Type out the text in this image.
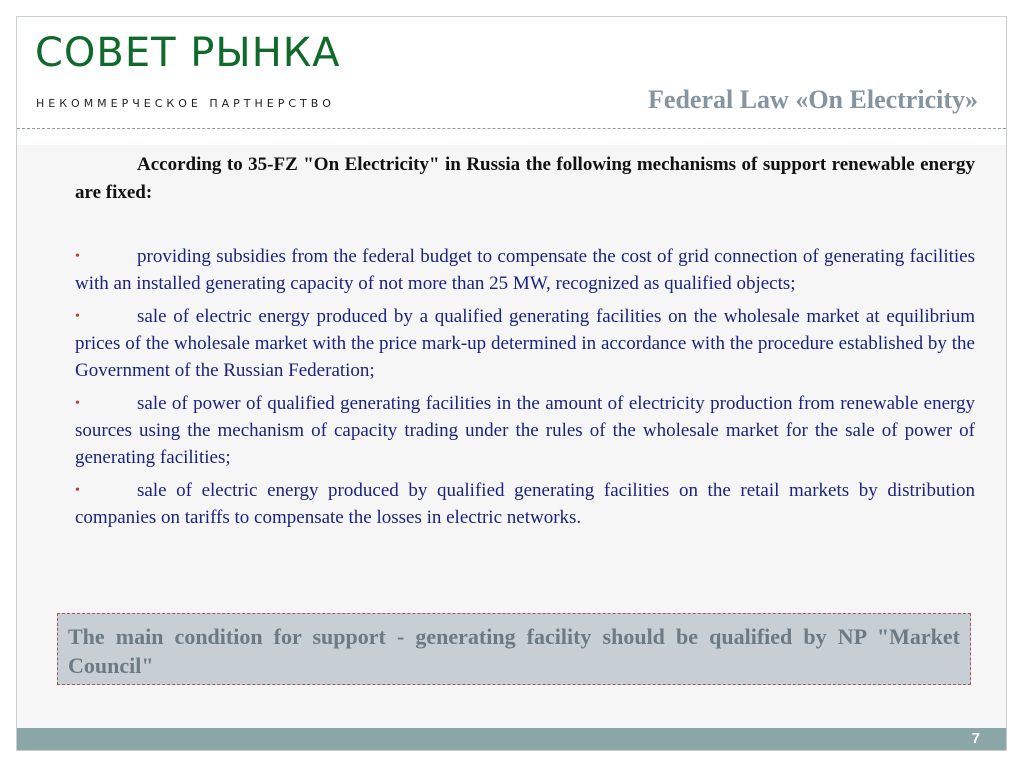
СОВЕТ РЫНКА
НЕКОММЕРЧЕСКОЕ ПАРТНЕРСТВО	Federal Law «On Electricity»

According to 35-FZ "On Electricity" in Russia the following mechanisms of support renewable energy are fixed:

•	providing subsidies from the federal budget to compensate the cost of grid connection of generating facilities with an installed generating capacity of not more than 25 MW, recognized as qualified objects;
•	sale of electric energy produced by a qualified generating facilities on the wholesale market at equilibrium prices of the wholesale market with the price mark-up determined in accordance with the procedure established by the Government of the Russian Federation;
•	sale of power of qualified generating facilities in the amount of electricity production from renewable energy sources using the mechanism of capacity trading under the rules of the wholesale market for the sale of power of generating facilities;
•	sale of electric energy produced by qualified generating facilities on the retail markets by distribution companies on tariffs to compensate the losses in electric networks.

The main condition for support - generating facility should be qualified by NP "Market Council"

7
